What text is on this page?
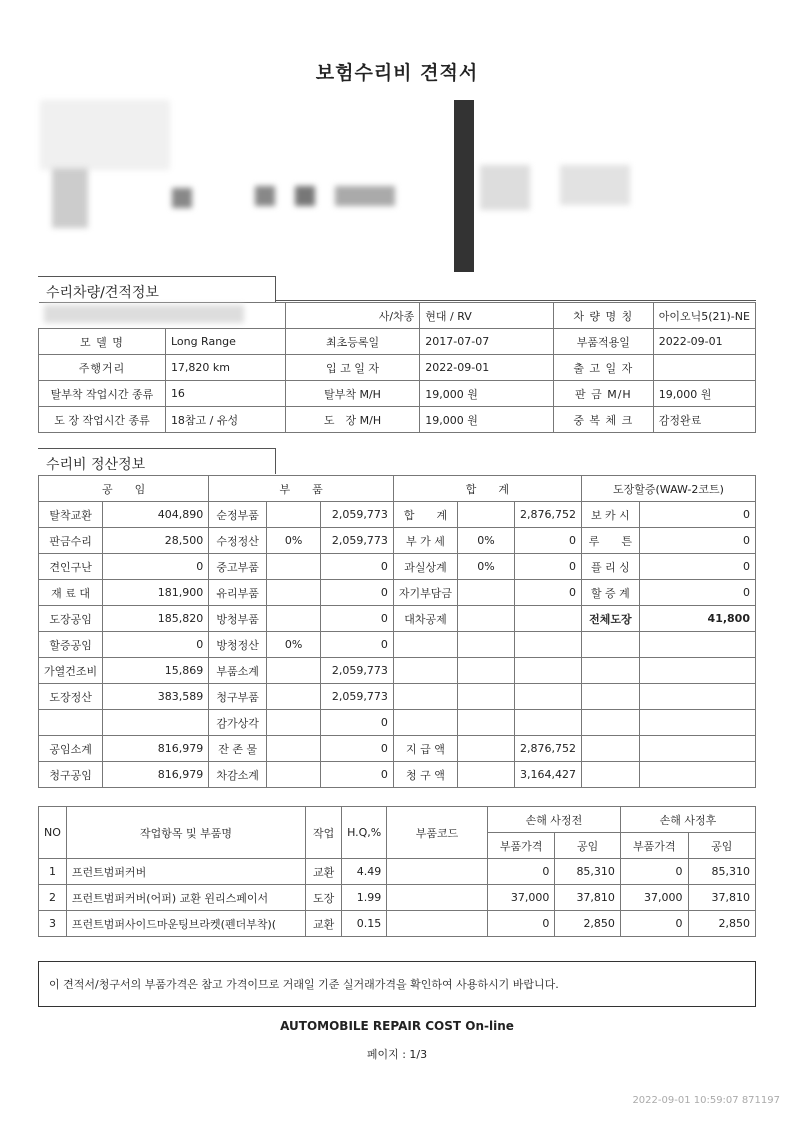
보험수리비 견적서
수리차량/견적정보
		사/차종	현대 / RV	차 량 명 칭	아이오닉5(21)-NE
모 델 명	Long Range	최초등록일	2017-07-07	부품적용일	2022-09-01
주행거리	17,820 km	입 고 일 자	2022-09-01	출 고 일 자	
탈부착 작업시간 종류	16	탈부착 M/H	19,000 원	판 금 M/H	19,000 원
도 장 작업시간 종류	18참고 / 유성	도　장 M/H	19,000 원	중 복 체 크	감정완료
수리비 정산정보
공　　임		부　　품			합　　계			도장할증(WAW-2코트)	
탈착교환	404,890	순정부품		2,059,773	합　　계		2,876,752	보 카 시	0
판금수리	28,500	수정정산	0%	2,059,773	부 가 세	0%	0	루　　튼	0
견인구난	0	중고부품		0	과실상계	0%	0	플 리 싱	0
재 료 대	181,900	유리부품		0	자기부담금		0	할 증 계	0
도장공임	185,820	방청부품		0	대차공제			전체도장	41,800
할증공임	0	방청정산	0%	0					
가열건조비	15,869	부품소계		2,059,773					
도장정산	383,589	청구부품		2,059,773					
		감가상각		0					
공임소계	816,979	잔 존 물		0	지 급 액		2,876,752		
청구공임	816,979	차감소계		0	청 구 액		3,164,427		
NO	작업항목 및 부품명	작업	H.Q,%	부품코드	손해 사정전		손해 사정후	
					부품가격	공임	부품가격	공임
1	프런트범퍼커버	교환	4.49		0	85,310	0	85,310
2	프런트범퍼커버(어퍼) 교환 윈리스페이서	도장	1.99		37,000	37,810	37,000	37,810
3	프런트범퍼사이드마운팅브라켓(펜더부착)(	교환	0.15		0	2,850	0	2,850
이 견적서/청구서의 부품가격은 참고 가격이므로 거래일 기준 실거래가격을 확인하여 사용하시기 바랍니다.
AUTOMOBILE REPAIR COST On-line
페이지 : 1/3
2022-09-01 10:59:07 871197
